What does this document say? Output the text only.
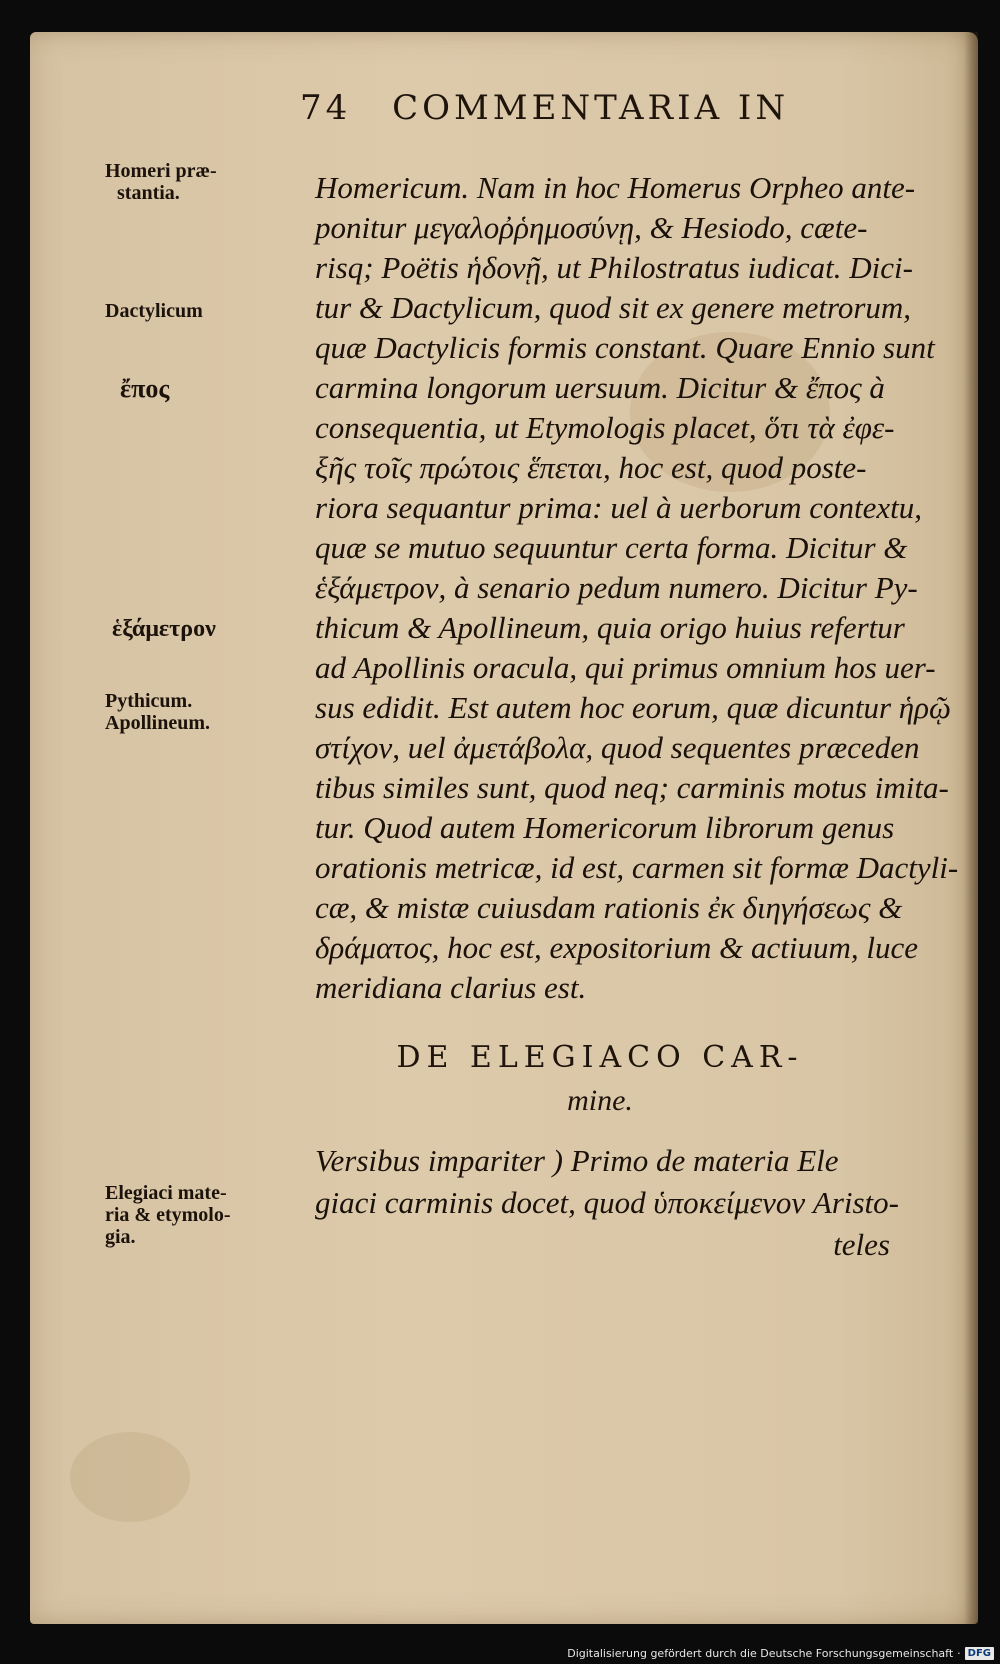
74 COMMENTARIA IN
Homeri præ-
stantia.
Dactylicum
ἔπος
ἑξάμετρον
Pythicum.
Apollineum.
Elegiaci mate-
ria & etymolo-
gia.
Homericum. Nam in hoc Homerus Orpheo ante-
ponitur μεγαλοῤῥημοσύνῃ, & Hesiodo, cæte-
risq; Poëtis ἡδονῇ, ut Philostratus iudicat. Dici-
tur & Dactylicum, quod sit ex genere metrorum,
quæ Dactylicis formis constant. Quare Ennio sunt
carmina longorum uersuum. Dicitur & ἔπος à
consequentia, ut Etymologis placet, ὅτι τὰ ἐφε-
ξῆς τοῖς πρώτοις ἕπεται, hoc est, quod poste-
riora sequantur prima: uel à uerborum contextu,
quæ se mutuo sequuntur certa forma. Dicitur &
ἑξάμετρον, à senario pedum numero. Dicitur Py-
thicum & Apollineum, quia origo huius refertur
ad Apollinis oracula, qui primus omnium hos uer-
sus edidit. Est autem hoc eorum, quæ dicuntur ἡρῷ
στίχον, uel ἀμετάβολα, quod sequentes præceden
tibus similes sunt, quod neq; carminis motus imita-
tur. Quod autem Homericorum librorum genus
orationis metricæ, id est, carmen sit formæ Dactyli-
cæ, & mistæ cuiusdam rationis ἐκ διηγήσεως &
δράματος, hoc est, expositorium & actiuum, luce
meridiana clarius est.
DE ELEGIACO CAR-
mine.
Versibus impariter ) Primo de materia Ele
giaci carminis docet, quod ὑποκείμενον Aristo-
teles
Digitalisierung gefördert durch die Deutsche Forschungsgemeinschaft · DFG
